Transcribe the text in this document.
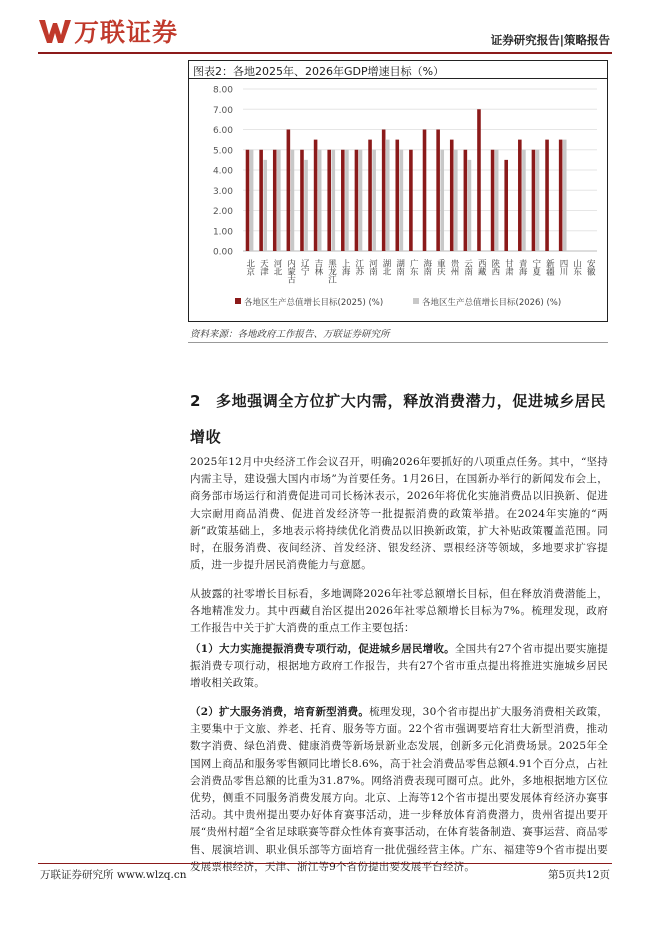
万联证券	证券研究报告|策略报告
图表2：各地2025年、2026年GDP增速目标（%）
8.00
7.00
6.00
5.00
4.00
3.00
2.00
1.00
0.00
北京 天津 河北 内蒙古 辽宁 吉林 黑龙江 上海 江苏 河南 湖北 湖南 广东 海南 重庆 贵州 云南 西藏 陕西 甘肃 青海 宁夏 新疆 四川 山东 安徽
各地区生产总值增长目标(2025) (%)	各地区生产总值增长目标(2026) (%)
资料来源：各地政府工作报告、万联证券研究所
2 多地强调全方位扩大内需，释放消费潜力，促进城乡居民增收

2025年12月中央经济工作会议召开，明确2026年要抓好的八项重点任务。其中，“坚持内需主导，建设强大国内市场”为首要任务。1月26日，在国新办举行的新闻发布会上，商务部市场运行和消费促进司司长杨沐表示，2026年将优化实施消费品以旧换新、促进大宗耐用商品消费、促进首发经济等一批提振消费的政策举措。在2024年实施的“两新”政策基础上，多地表示将持续优化消费品以旧换新政策，扩大补贴政策覆盖范围。同时，在服务消费、夜间经济、首发经济、银发经济、票根经济等领域，多地要求扩容提质，进一步提升居民消费能力与意愿。

从披露的社零增长目标看，多地调降2026年社零总额增长目标，但在释放消费潜能上，各地精准发力。其中西藏自治区提出2026年社零总额增长目标为7%。梳理发现，政府工作报告中关于扩大消费的重点工作主要包括：

（1）大力实施提振消费专项行动，促进城乡居民增收。全国共有27个省市提出要实施提振消费专项行动，根据地方政府工作报告，共有27个省市重点提出将推进实施城乡居民增收相关政策。

（2）扩大服务消费，培育新型消费。梳理发现，30个省市提出扩大服务消费相关政策，主要集中于文旅、养老、托育、服务等方面。22个省市强调要培育壮大新型消费，推动数字消费、绿色消费、健康消费等新场景新业态发展，创新多元化消费场景。2025年全国网上商品和服务零售额同比增长8.6%，高于社会消费品零售总额4.91个百分点，占社会消费品零售总额的比重为31.87%。网络消费表现可圈可点。此外，多地根据地方区位优势，侧重不同服务消费发展方向。北京、上海等12个省市提出要发展体育经济办赛事活动。其中贵州提出要办好体育赛事活动，进一步释放体育消费潜力，贵州省提出要开展“贵州村超”全省足球联赛等群众性体育赛事活动，在体育装备制造、赛事运营、商品零售、展演培训、职业俱乐部等方面培育一批优强经营主体。广东、福建等9个省市提出要发展票根经济，天津、浙江等9个省份提出要发展平台经济。

万联证券研究所 www.wlzq.cn	第5页共12页
